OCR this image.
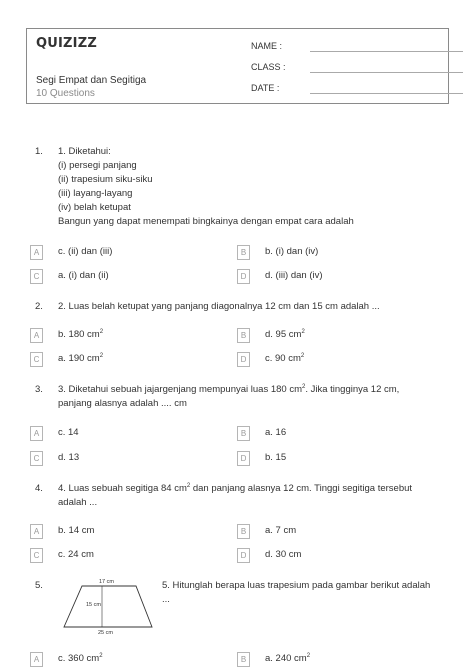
QUIZIZZ
Segi Empat dan Segitiga
10 Questions
NAME :
CLASS :
DATE :
1. 1. Diketahui:
(i) persegi panjang
(ii) trapesium siku-siku
(iii) layang-layang
(iv) belah ketupat
Bangun yang dapat menempati bingkainya dengan empat cara adalah
A	c. (ii) dan (iii)	B	b. (i) dan (iv)
C	a. (i) dan (ii)	D	d. (iii) dan (iv)
2. 2. Luas belah ketupat yang panjang diagonalnya 12 cm dan 15 cm adalah ...
A	b. 180 $cm^2$	B	d. 95 $cm^2$
C	a. 190 $cm^2$	D	c. 90 $cm^2$
3. 3. Diketahui sebuah jajargenjang mempunyai luas 180 $cm^2$. Jika tingginya 12 cm,
panjang alasnya adalah .... cm
A	c. 14	B	a. 16
C	d. 13	D	b. 15
4. 4. Luas sebuah segitiga 84 $cm^2$ dan panjang alasnya 12 cm. Tinggi segitiga tersebut
adalah ...
A	b. 14 cm	B	a. 7 cm
C	c. 24 cm	D	d. 30 cm
5.	17 cm
15 cm
25 cm
5. Hitunglah berapa luas trapesium pada gambar berikut adalah
...
A	c. 360 $cm^2$	B	a. 240 $cm^2$
